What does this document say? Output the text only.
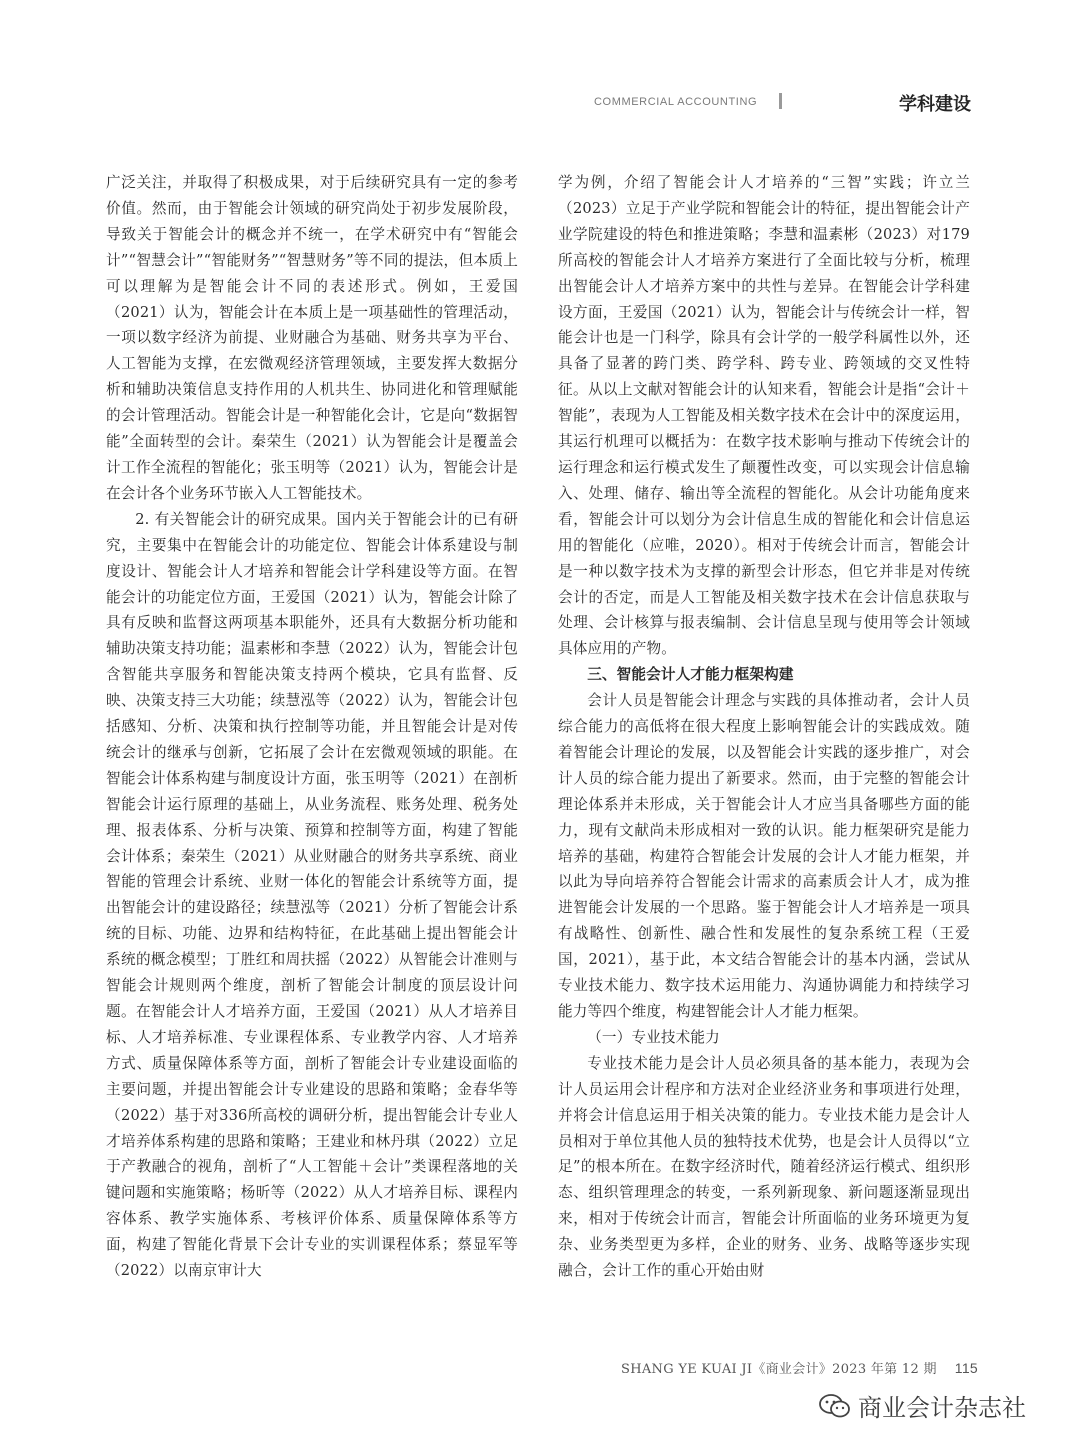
COMMERCIAL ACCOUNTING	学科建设

广泛关注，并取得了积极成果，对于后续研究具有一定的参考价值。然而，由于智能会计领域的研究尚处于初步发展阶段，导致关于智能会计的概念并不统一，在学术研究中有“智能会计”“智慧会计”“智能财务”“智慧财务”等不同的提法，但本质上可以理解为是智能会计不同的表述形式。例如，王爱国（2021）认为，智能会计在本质上是一项基础性的管理活动，一项以数字经济为前提、业财融合为基础、财务共享为平台、人工智能为支撑，在宏微观经济管理领域，主要发挥大数据分析和辅助决策信息支持作用的人机共生、协同进化和管理赋能的会计管理活动。智能会计是一种智能化会计，它是向“数据智能”全面转型的会计。秦荣生（2021）认为智能会计是覆盖会计工作全流程的智能化；张玉明等（2021）认为，智能会计是在会计各个业务环节嵌入人工智能技术。

2. 有关智能会计的研究成果。国内关于智能会计的已有研究，主要集中在智能会计的功能定位、智能会计体系建设与制度设计、智能会计人才培养和智能会计学科建设等方面。在智能会计的功能定位方面，王爱国（2021）认为，智能会计除了具有反映和监督这两项基本职能外，还具有大数据分析功能和辅助决策支持功能；温素彬和李慧（2022）认为，智能会计包含智能共享服务和智能决策支持两个模块，它具有监督、反映、决策支持三大功能；续慧泓等（2022）认为，智能会计包括感知、分析、决策和执行控制等功能，并且智能会计是对传统会计的继承与创新，它拓展了会计在宏微观领域的职能。在智能会计体系构建与制度设计方面，张玉明等（2021）在剖析智能会计运行原理的基础上，从业务流程、账务处理、税务处理、报表体系、分析与决策、预算和控制等方面，构建了智能会计体系；秦荣生（2021）从业财融合的财务共享系统、商业智能的管理会计系统、业财一体化的智能会计系统等方面，提出智能会计的建设路径；续慧泓等（2021）分析了智能会计系统的目标、功能、边界和结构特征，在此基础上提出智能会计系统的概念模型；丁胜红和周扶摇（2022）从智能会计准则与智能会计规则两个维度，剖析了智能会计制度的顶层设计问题。在智能会计人才培养方面，王爱国（2021）从人才培养目标、人才培养标准、专业课程体系、专业教学内容、人才培养方式、质量保障体系等方面，剖析了智能会计专业建设面临的主要问题，并提出智能会计专业建设的思路和策略；金春华等（2022）基于对336所高校的调研分析，提出智能会计专业人才培养体系构建的思路和策略；王建业和林丹琪（2022）立足于产教融合的视角，剖析了“人工智能＋会计”类课程落地的关键问题和实施策略；杨昕等（2022）从人才培养目标、课程内容体系、教学实施体系、考核评价体系、质量保障体系等方面，构建了智能化背景下会计专业的实训课程体系；蔡显军等（2022）以南京审计大

学为例，介绍了智能会计人才培养的“三智”实践；许立兰（2023）立足于产业学院和智能会计的特征，提出智能会计产业学院建设的特色和推进策略；李慧和温素彬（2023）对179所高校的智能会计人才培养方案进行了全面比较与分析，梳理出智能会计人才培养方案中的共性与差异。在智能会计学科建设方面，王爱国（2021）认为，智能会计与传统会计一样，智能会计也是一门科学，除具有会计学的一般学科属性以外，还具备了显著的跨门类、跨学科、跨专业、跨领域的交叉性特征。从以上文献对智能会计的认知来看，智能会计是指“会计＋智能”，表现为人工智能及相关数字技术在会计中的深度运用，其运行机理可以概括为：在数字技术影响与推动下传统会计的运行理念和运行模式发生了颠覆性改变，可以实现会计信息输入、处理、储存、输出等全流程的智能化。从会计功能角度来看，智能会计可以划分为会计信息生成的智能化和会计信息运用的智能化（应唯，2020）。相对于传统会计而言，智能会计是一种以数字技术为支撑的新型会计形态，但它并非是对传统会计的否定，而是人工智能及相关数字技术在会计信息获取与处理、会计核算与报表编制、会计信息呈现与使用等会计领域具体应用的产物。

三、智能会计人才能力框架构建

会计人员是智能会计理念与实践的具体推动者，会计人员综合能力的高低将在很大程度上影响智能会计的实践成效。随着智能会计理论的发展，以及智能会计实践的逐步推广，对会计人员的综合能力提出了新要求。然而，由于完整的智能会计理论体系并未形成，关于智能会计人才应当具备哪些方面的能力，现有文献尚未形成相对一致的认识。能力框架研究是能力培养的基础，构建符合智能会计发展的会计人才能力框架，并以此为导向培养符合智能会计需求的高素质会计人才，成为推进智能会计发展的一个思路。鉴于智能会计人才培养是一项具有战略性、创新性、融合性和发展性的复杂系统工程（王爱国，2021），基于此，本文结合智能会计的基本内涵，尝试从专业技术能力、数字技术运用能力、沟通协调能力和持续学习能力等四个维度，构建智能会计人才能力框架。

（一）专业技术能力

专业技术能力是会计人员必须具备的基本能力，表现为会计人员运用会计程序和方法对企业经济业务和事项进行处理，并将会计信息运用于相关决策的能力。专业技术能力是会计人员相对于单位其他人员的独特技术优势，也是会计人员得以“立足”的根本所在。在数字经济时代，随着经济运行模式、组织形态、组织管理理念的转变，一系列新现象、新问题逐渐显现出来，相对于传统会计而言，智能会计所面临的业务环境更为复杂、业务类型更为多样，企业的财务、业务、战略等逐步实现融合，会计工作的重心开始由财

SHANG YE KUAI JI《商业会计》2023 年第 12 期 115
商业会计杂志社
